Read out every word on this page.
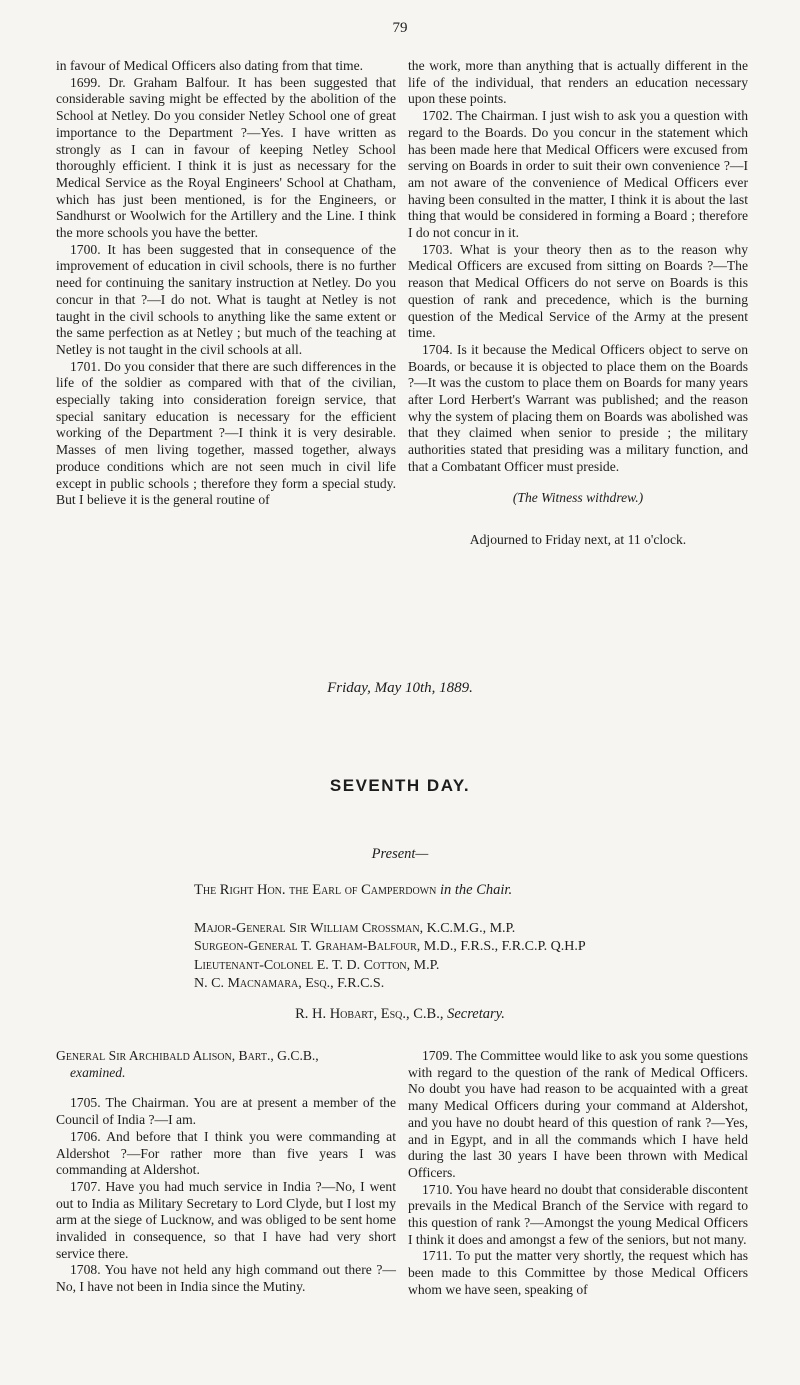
79

in favour of Medical Officers also dating from that time.

1699. Dr. Graham Balfour. It has been suggested that considerable saving might be effected by the abolition of the School at Netley. Do you consider Netley School one of great importance to the Department ?—Yes. I have written as strongly as I can in favour of keeping Netley School thoroughly efficient. I think it is just as necessary for the Medical Service as the Royal Engineers' School at Chatham, which has just been mentioned, is for the Engineers, or Sandhurst or Woolwich for the Artillery and the Line. I think the more schools you have the better.

1700. It has been suggested that in consequence of the improvement of education in civil schools, there is no further need for continuing the sanitary instruction at Netley. Do you concur in that ?—I do not. What is taught at Netley is not taught in the civil schools to anything like the same extent or the same perfection as at Netley ; but much of the teaching at Netley is not taught in the civil schools at all.

1701. Do you consider that there are such differences in the life of the soldier as compared with that of the civilian, especially taking into consideration foreign service, that special sanitary education is necessary for the efficient working of the Department ?—I think it is very desirable. Masses of men living together, massed together, always produce conditions which are not seen much in civil life except in public schools ; therefore they form a special study. But I believe it is the general routine of

the work, more than anything that is actually different in the life of the individual, that renders an education necessary upon these points.

1702. The Chairman. I just wish to ask you a question with regard to the Boards. Do you concur in the statement which has been made here that Medical Officers were excused from serving on Boards in order to suit their own convenience ?—I am not aware of the convenience of Medical Officers ever having been consulted in the matter, I think it is about the last thing that would be considered in forming a Board ; therefore I do not concur in it.

1703. What is your theory then as to the reason why Medical Officers are excused from sitting on Boards ?—The reason that Medical Officers do not serve on Boards is this question of rank and precedence, which is the burning question of the Medical Service of the Army at the present time.

1704. Is it because the Medical Officers object to serve on Boards, or because it is objected to place them on the Boards ?—It was the custom to place them on Boards for many years after Lord Herbert's Warrant was published; and the reason why the system of placing them on Boards was abolished was that they claimed when senior to preside ; the military authorities stated that presiding was a military function, and that a Combatant Officer must preside.

(The Witness withdrew.)

Adjourned to Friday next, at 11 o'clock.

Friday, May 10th, 1889.
SEVENTH DAY.
Present—
The Right Hon. the Earl of Camperdown in the Chair.
Major-General Sir William Crossman, K.C.M.G., M.P.
Surgeon-General T. Graham-Balfour, M.D., F.R.S., F.R.C.P. Q.H.P
Lieutenant-Colonel E. T. D. Cotton, M.P.
N. C. Macnamara, Esq., F.R.C.S.
R. H. Hobart, Esq., C.B., Secretary.

General Sir Archibald Alison, Bart., G.C.B.,

examined.

1705. The Chairman. You are at present a member of the Council of India ?—I am.

1706. And before that I think you were commanding at Aldershot ?—For rather more than five years I was commanding at Aldershot.

1707. Have you had much service in India ?—No, I went out to India as Military Secretary to Lord Clyde, but I lost my arm at the siege of Lucknow, and was obliged to be sent home invalided in consequence, so that I have had very short service there.

1708. You have not held any high command out there ?—No, I have not been in India since the Mutiny.

1709. The Committee would like to ask you some questions with regard to the question of the rank of Medical Officers. No doubt you have had reason to be acquainted with a great many Medical Officers during your command at Aldershot, and you have no doubt heard of this question of rank ?—Yes, and in Egypt, and in all the commands which I have held during the last 30 years I have been thrown with Medical Officers.

1710. You have heard no doubt that considerable discontent prevails in the Medical Branch of the Service with regard to this question of rank ?—Amongst the young Medical Officers I think it does and amongst a few of the seniors, but not many.

1711. To put the matter very shortly, the request which has been made to this Committee by those Medical Officers whom we have seen, speaking of
